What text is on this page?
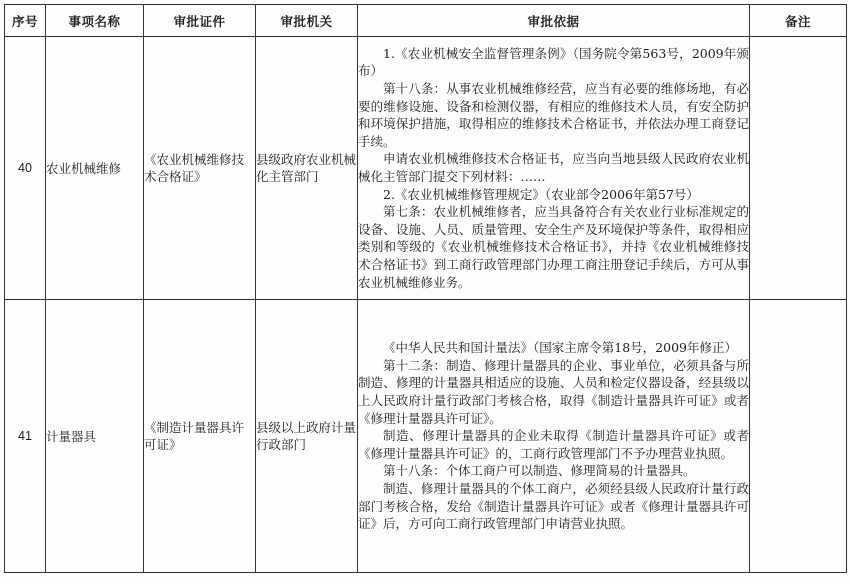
序号	事项名称	审批证件	审批机关	审批依据	备注
40	农业机械维修	《农业机械维修技术合格证》	县级政府农业机械化主管部门	1.《农业机械安全监督管理条例》（国务院令第563号，2009年颁布）

第十八条：从事农业机械维修经营，应当有必要的维修场地，有必要的维修设施、设备和检测仪器，有相应的维修技术人员，有安全防护和环境保护措施，取得相应的维修技术合格证书，并依法办理工商登记手续。

申请农业机械维修技术合格证书，应当向当地县级人民政府农业机械化主管部门提交下列材料：……

2.《农业机械维修管理规定》（农业部令2006年第57号）

第七条：农业机械维修者，应当具备符合有关农业行业标准规定的设备、设施、人员、质量管理、安全生产及环境保护等条件，取得相应类别和等级的《农业机械维修技术合格证书》，并持《农业机械维修技术合格证书》到工商行政管理部门办理工商注册登记手续后，方可从事农业机械维修业务。	

41	计量器具	《制造计量器具许可证》	县级以上政府计量行政部门	《中华人民共和国计量法》（国家主席令第18号，2009年修正）

第十二条：制造、修理计量器具的企业、事业单位，必须具备与所制造、修理的计量器具相适应的设施、人员和检定仪器设备，经县级以上人民政府计量行政部门考核合格，取得《制造计量器具许可证》或者《修理计量器具许可证》。

制造、修理计量器具的企业未取得《制造计量器具许可证》或者《修理计量器具许可证》的，工商行政管理部门不予办理营业执照。

第十八条：个体工商户可以制造、修理简易的计量器具。

制造、修理计量器具的个体工商户，必须经县级人民政府计量行政部门考核合格，发给《制造计量器具许可证》或者《修理计量器具许可证》后，方可向工商行政管理部门申请营业执照。	
